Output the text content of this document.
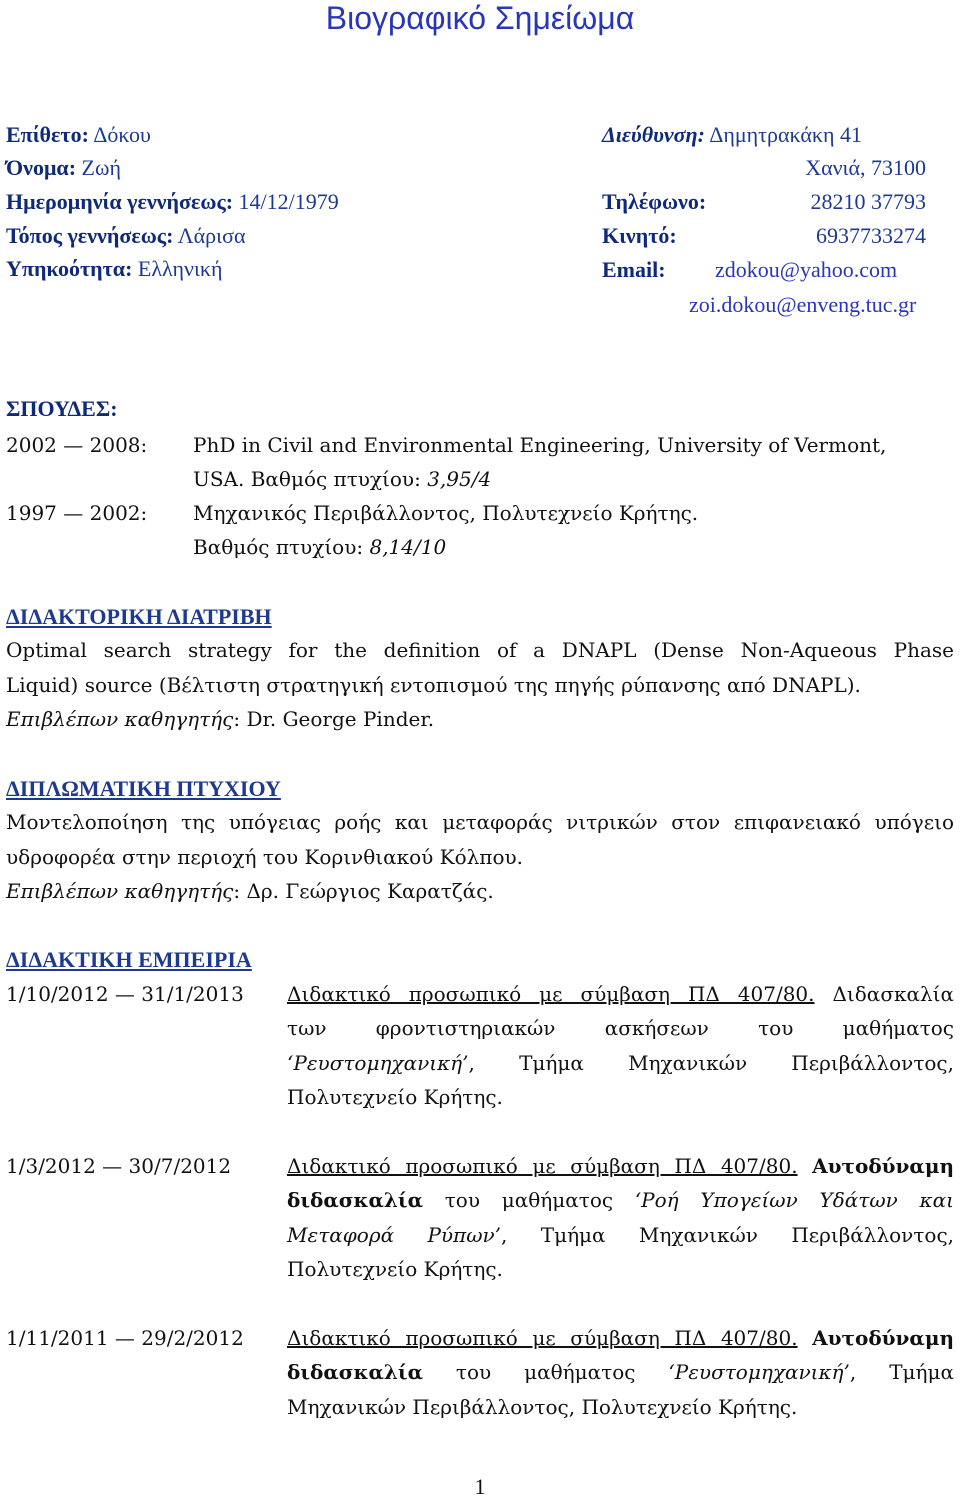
Βιογραφικό Σημείωμα
Επίθετο: Δόκου
Όνομα: Ζωή
Ημερομηνία γεννήσεως: 14/12/1979
Τόπος γεννήσεως: Λάρισα
Υπηκοότητα: Ελληνική
Διεύθυνση: Δημητρακάκη 41
Χανιά, 73100
Τηλέφωνο:	28210 37793
Κινητό:	6937733274
Email: zdokou@yahoo.com
zoi.dokou@enveng.tuc.gr
ΣΠΟΥΔΕΣ:
2002 — 2008: PhD in Civil and Environmental Engineering, University of Vermont,
USA. Βαθμός πτυχίου: 3,95/4
1997 — 2002: Μηχανικός Περιβάλλοντος, Πολυτεχνείο Κρήτης.
Βαθμός πτυχίου: 8,14/10
ΔΙΔΑΚΤΟΡΙΚΗ ΔΙΑΤΡΙΒΗ
Optimal search strategy for the definition of a DNAPL (Dense Non-Aqueous Phase
Liquid) source (Βέλτιστη στρατηγική εντοπισμού της πηγής ρύπανσης από DNAPL).
Επιβλέπων καθηγητής: Dr. George Pinder.
ΔΙΠΛΩΜΑΤΙΚΗ ΠΤΥΧΙΟΥ
Μοντελοποίηση της υπόγειας ροής και μεταφοράς νιτρικών στον επιφανειακό υπόγειο
υδροφορέα στην περιοχή του Κορινθιακού Κόλπου.
Επιβλέπων καθηγητής: Δρ. Γεώργιος Καρατζάς.
ΔΙΔΑΚΤΙΚΗ ΕΜΠΕΙΡΙΑ
1/10/2012 — 31/1/2013 Διδακτικό προσωπικό με σύμβαση ΠΔ 407/80. Διδασκαλία
των φροντιστηριακών ασκήσεων του μαθήματος
‘Ρευστομηχανική’, Τμήμα Μηχανικών Περιβάλλοντος,
Πολυτεχνείο Κρήτης.
1/3/2012 — 30/7/2012	Διδακτικό προσωπικό με σύμβαση ΠΔ 407/80. Αυτοδύναμη
διδασκαλία του μαθήματος ‘Ροή Υπογείων Υδάτων και
Μεταφορά Ρύπων’, Τμήμα Μηχανικών Περιβάλλοντος,
Πολυτεχνείο Κρήτης.
1/11/2011 — 29/2/2012 Διδακτικό προσωπικό με σύμβαση ΠΔ 407/80. Αυτοδύναμη
διδασκαλία του μαθήματος ‘Ρευστομηχανική’, Τμήμα
Μηχανικών Περιβάλλοντος, Πολυτεχνείο Κρήτης.
1
